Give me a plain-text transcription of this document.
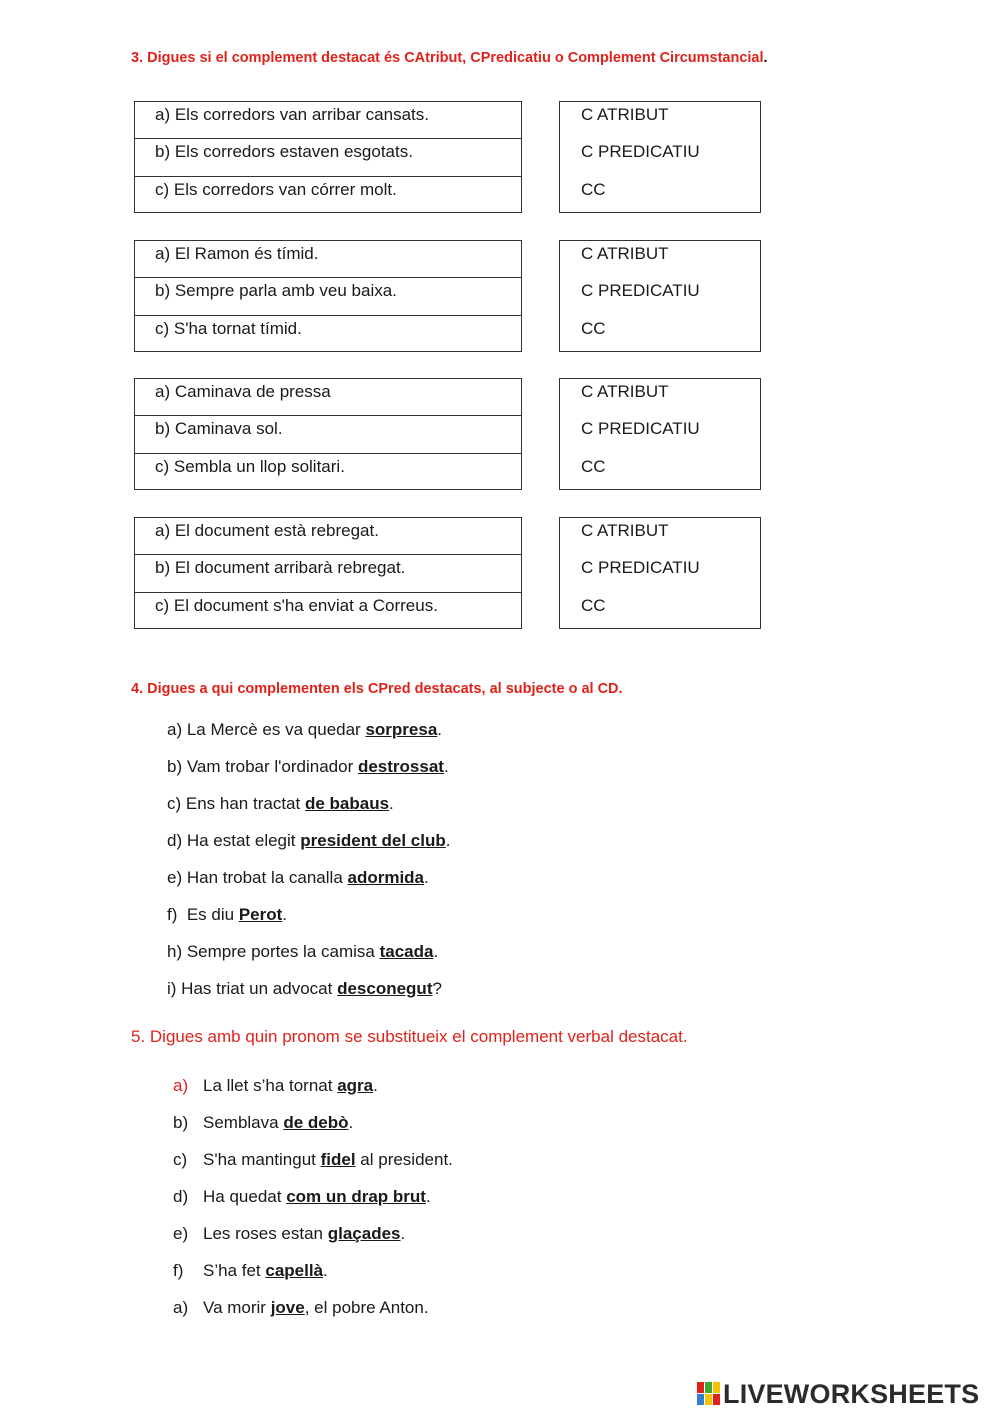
3. Digues si el complement destacat és CAtribut, CPredicatiu o Complement Circumstancial.
a) Els corredors van arribar cansats.
b) Els corredors estaven esgotats.
c) Els corredors van córrer molt.
C ATRIBUT
C PREDICATIU
CC
a) El Ramon és tímid.
b) Sempre parla amb veu baixa.
c) S'ha tornat tímid.
C ATRIBUT
C PREDICATIU
CC
a) Caminava de pressa
b) Caminava sol.
c) Sembla un llop solitari.
C ATRIBUT
C PREDICATIU
CC
a) El document està rebregat.
b) El document arribarà rebregat.
c) El document s'ha enviat a Correus.
C ATRIBUT
C PREDICATIU
CC
4. Digues a qui complementen els CPred destacats, al subjecte o al CD.
a) La Mercè es va quedar sorpresa.
b) Vam trobar l'ordinador destrossat.
c) Ens han tractat de babaus.
d) Ha estat elegit president del club.
e) Han trobat la canalla adormida.
f)  Es diu Perot.
h) Sempre portes la camisa tacada.
i) Has triat un advocat desconegut?
5. Digues amb quin pronom se substitueix el complement verbal destacat.
a) La llet s’ha tornat agra.
b) Semblava de debò.
c) S'ha mantingut fidel al president.
d) Ha quedat com un drap brut.
e) Les roses estan glaçades.
f) S’ha fet capellà.
a) Va morir jove, el pobre Anton.
LIVEWORKSHEETS
